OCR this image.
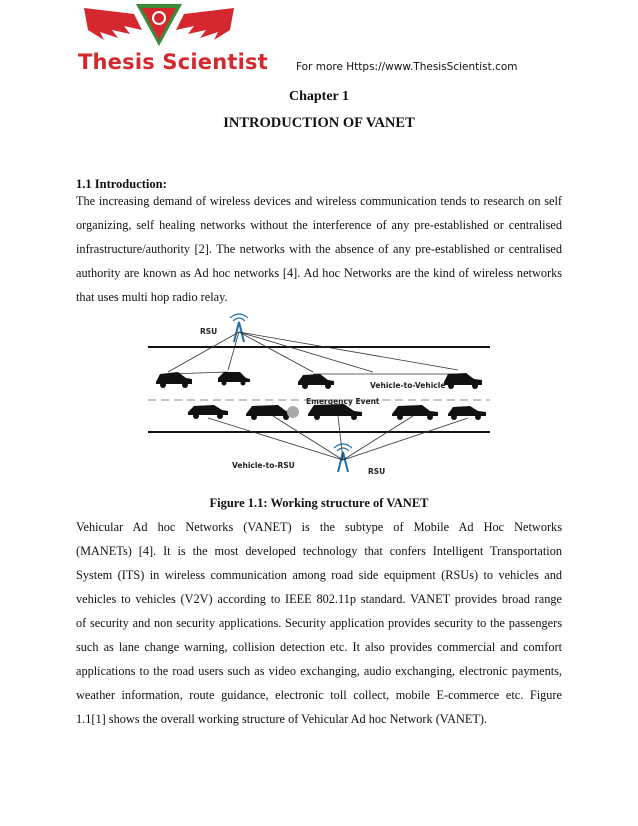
Thesis Scientist	For more Https://www.ThesisScientist.com
Chapter 1
INTRODUCTION OF VANET
1.1 Introduction:
The increasing demand of wireless devices and wireless communication tends to research on self
organizing, self healing networks without the interference of any pre-established or centralised
infrastructure/authority [2]. The networks with the absence of any pre-established or centralised
authority are known as Ad hoc networks [4]. Ad hoc Networks are the kind of wireless networks
that uses multi hop radio relay.
RSU
RSU
Vehicle-to-Vehicle
Emergency Event
Vehicle-to-RSU
Figure 1.1: Working structure of VANET
Vehicular Ad hoc Networks (VANET) is the subtype of Mobile Ad Hoc Networks
(MANETs) [4]. It is the most developed technology that confers Intelligent Transportation
System (ITS) in wireless communication among road side equipment (RSUs) to vehicles and
vehicles to vehicles (V2V) according to IEEE 802.11p standard. VANET provides broad range
of security and non security applications. Security application provides security to the passengers
such as lane change warning, collision detection etc. It also provides commercial and comfort
applications to the road users such as video exchanging, audio exchanging, electronic payments,
weather information, route guidance, electronic toll collect, mobile E-commerce etc. Figure
1.1[1] shows the overall working structure of Vehicular Ad hoc Network (VANET).
